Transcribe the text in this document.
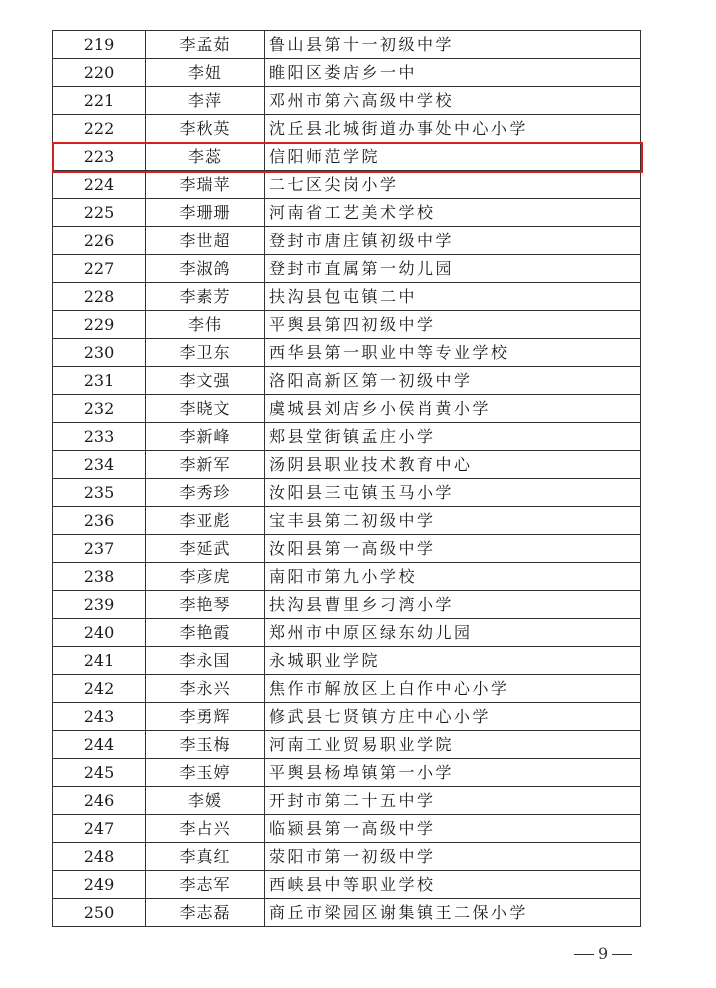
219	李孟茹	鲁山县第十一初级中学
220	李妞	睢阳区娄店乡一中
221	李萍	邓州市第六高级中学校
222	李秋英	沈丘县北城街道办事处中心小学
223	李蕊	信阳师范学院
224	李瑞苹	二七区尖岗小学
225	李珊珊	河南省工艺美术学校
226	李世超	登封市唐庄镇初级中学
227	李淑鸽	登封市直属第一幼儿园
228	李素芳	扶沟县包屯镇二中
229	李伟	平舆县第四初级中学
230	李卫东	西华县第一职业中等专业学校
231	李文强	洛阳高新区第一初级中学
232	李晓文	虞城县刘店乡小侯肖黄小学
233	李新峰	郏县堂街镇孟庄小学
234	李新军	汤阴县职业技术教育中心
235	李秀珍	汝阳县三屯镇玉马小学
236	李亚彪	宝丰县第二初级中学
237	李延武	汝阳县第一高级中学
238	李彦虎	南阳市第九小学校
239	李艳琴	扶沟县曹里乡刁湾小学
240	李艳霞	郑州市中原区绿东幼儿园
241	李永国	永城职业学院
242	李永兴	焦作市解放区上白作中心小学
243	李勇辉	修武县七贤镇方庄中心小学
244	李玉梅	河南工业贸易职业学院
245	李玉婷	平舆县杨埠镇第一小学
246	李媛	开封市第二十五中学
247	李占兴	临颍县第一高级中学
248	李真红	荥阳市第一初级中学
249	李志军	西峡县中等职业学校
250	李志磊	商丘市梁园区谢集镇王二保小学
9
